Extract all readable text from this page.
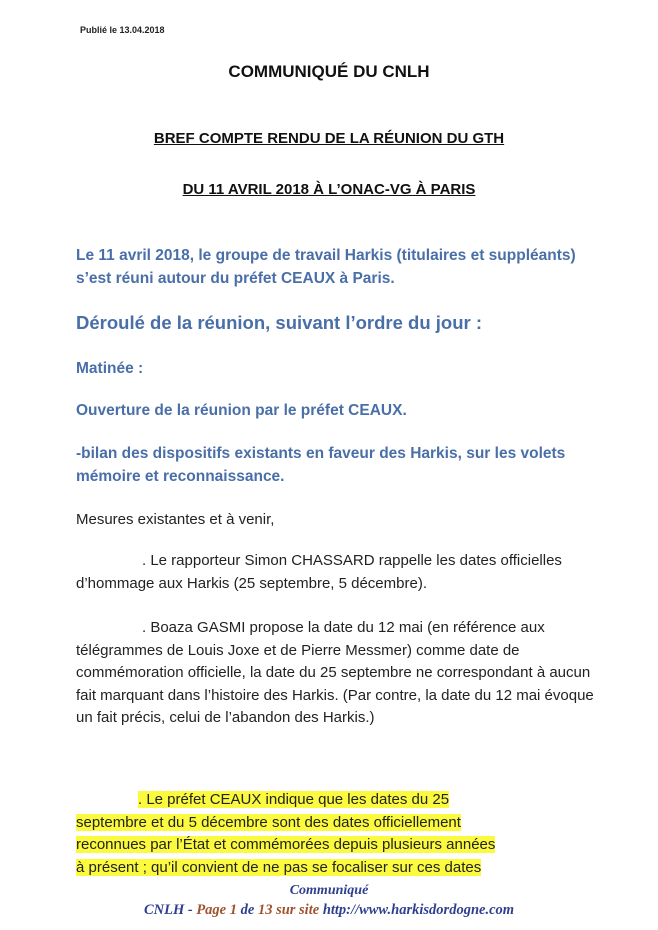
Publié le 13.04.2018
COMMUNIQUÉ DU CNLH
BREF COMPTE RENDU DE LA RÉUNION DU GTH
DU 11 AVRIL 2018 À L’ONAC-VG À PARIS
Le 11 avril 2018, le groupe de travail Harkis (titulaires et suppléants) s’est réuni autour du préfet CEAUX à Paris.
Déroulé de la réunion, suivant l’ordre du jour :
Matinée :
Ouverture de la réunion par le préfet CEAUX.
-bilan des dispositifs existants en faveur des Harkis, sur les volets mémoire et reconnaissance.
Mesures existantes et à venir,
. Le rapporteur Simon CHASSARD rappelle les dates officielles d’hommage aux Harkis (25 septembre, 5 décembre).
. Boaza GASMI propose la date du 12 mai (en référence aux télégrammes de Louis Joxe et de Pierre Messmer) comme date de commémoration officielle, la date du 25 septembre ne correspondant à aucun fait marquant dans l’histoire des Harkis. (Par contre, la date du 12 mai évoque un fait précis, celui de l’abandon des Harkis.)
. Le préfet CEAUX indique que les dates du 25
septembre et du 5 décembre sont des dates officiellement
reconnues par l’État et commémorées depuis plusieurs années
à présent ; qu’il convient de ne pas se focaliser sur ces dates
Communiqué
CNLH - Page 1 de 13 sur site http://www.harkisdordogne.com
